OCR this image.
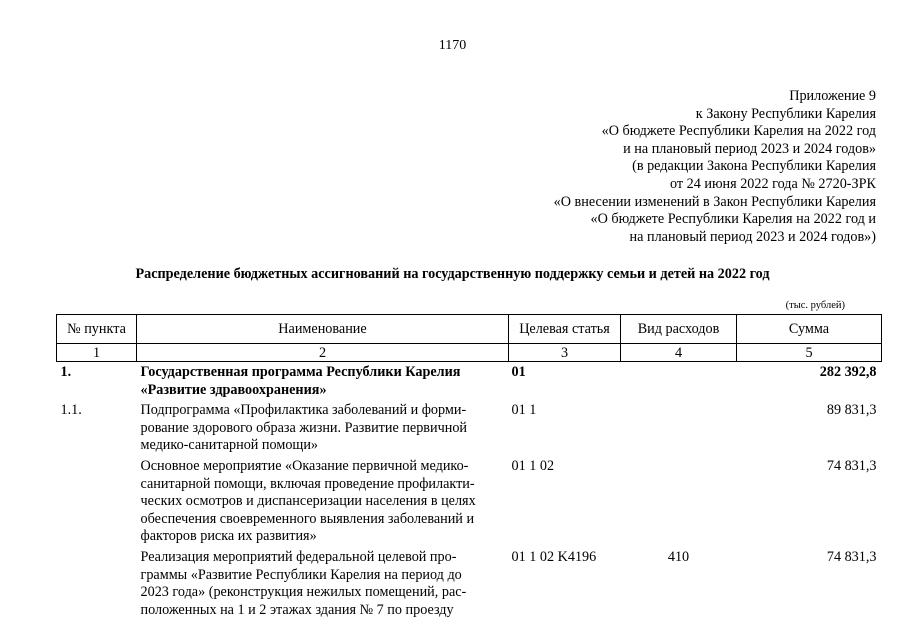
1170
Приложение 9
к Закону Республики Карелия
«О бюджете Республики Карелия на 2022 год
и на плановый период 2023 и 2024 годов»
(в редакции Закона Республики Карелия
от 24 июня 2022 года № 2720-ЗРК
«О внесении изменений в Закон Республики Карелия
«О бюджете Республики Карелия на 2022 год и
на плановый период 2023 и 2024 годов»)
Распределение бюджетных ассигнований на государственную поддержку семьи и детей на 2022 год
(тыс. рублей)
№ пункта	Наименование	Целевая статья	Вид расходов	Сумма
1	2	3	4	5
1.	Государственная программа Республики Карелия
«Развитие здравоохранения»	01		282 392,8
1.1.	Подпрограмма «Профилактика заболеваний и форми-
рование здорового образа жизни. Развитие первичной
медико-санитарной помощи»	01 1		89 831,3

	Основное мероприятие «Оказание первичной медико-
санитарной помощи, включая проведение профилакти-
ческих осмотров и диспансеризации населения в целях
обеспечения своевременного выявления заболеваний и
факторов риска их развития»	01 1 02		74 831,3

	Реализация мероприятий федеральной целевой про-
граммы «Развитие Республики Карелия на период до
2023 года» (реконструкция нежилых помещений, рас-
положенных на 1 и 2 этажах здания № 7 по проезду	01 1 02 K4196	410	74 831,3
